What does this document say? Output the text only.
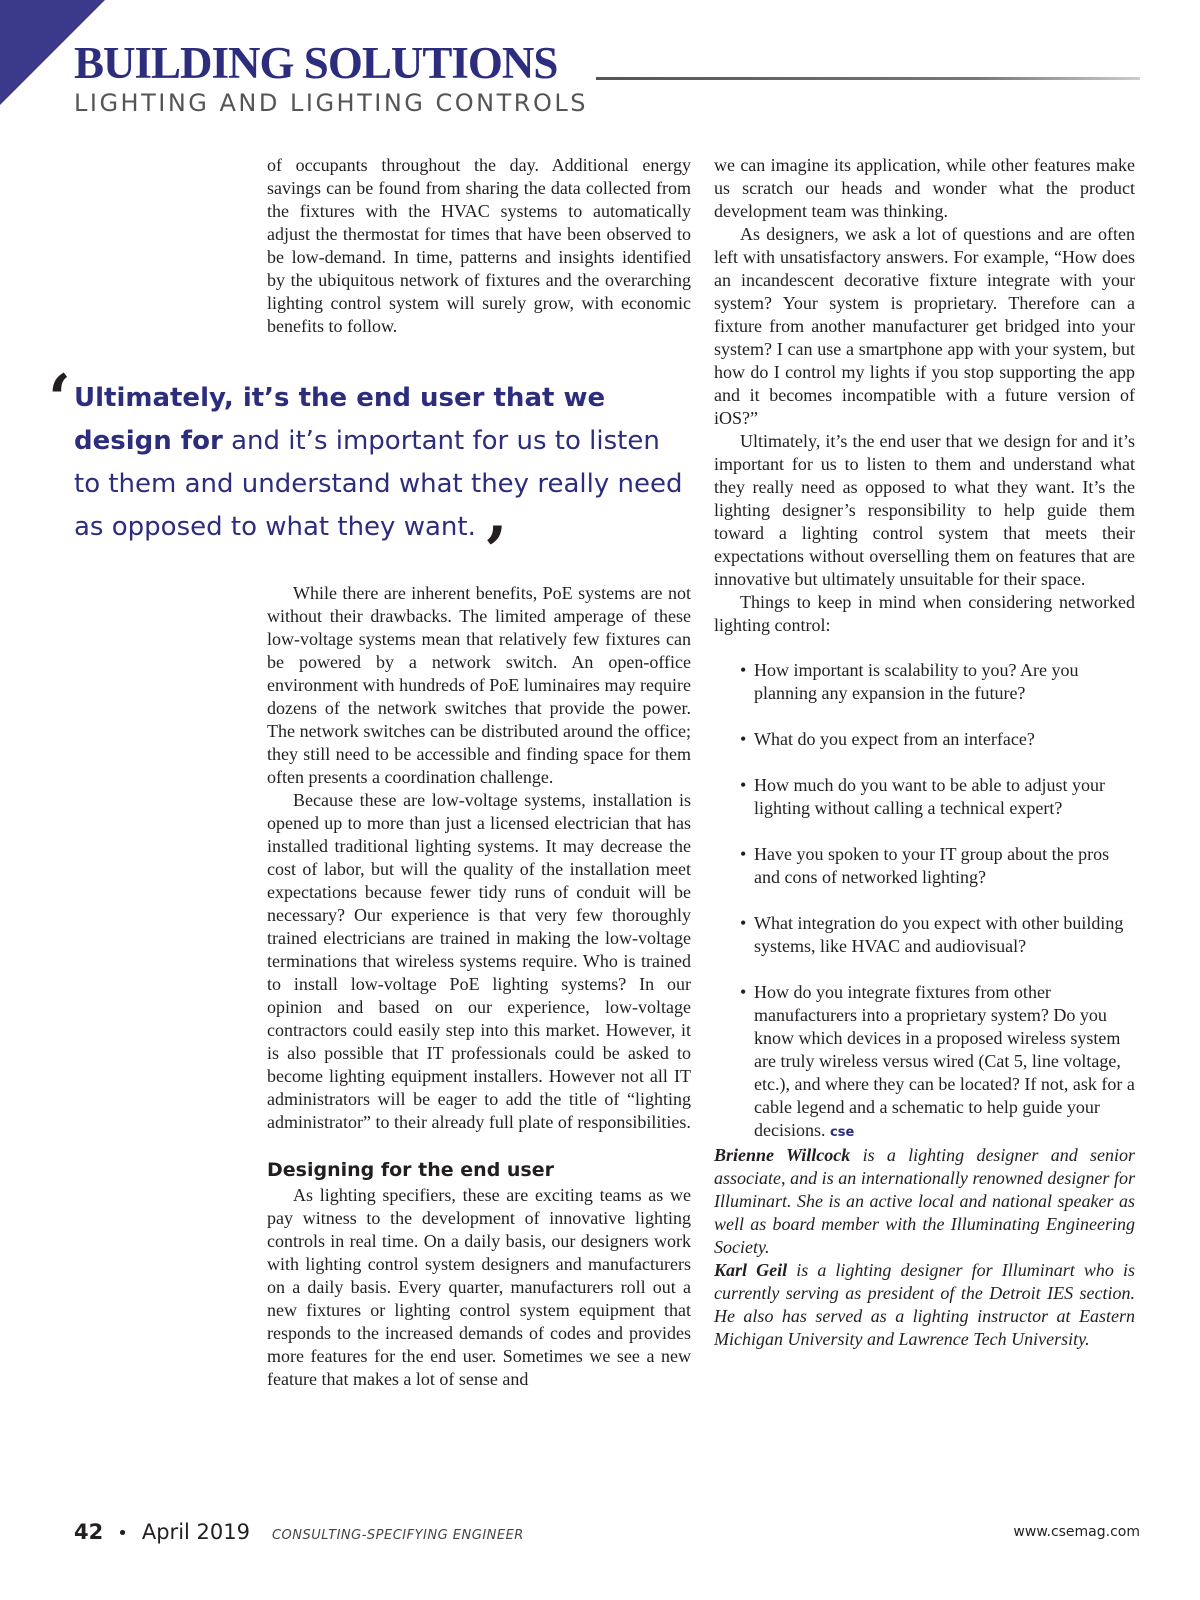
BUILDING SOLUTIONS
LIGHTING AND LIGHTING CONTROLS

of occupants throughout the day. Additional energy savings can be found from sharing the data collected from the fixtures with the HVAC systems to automatically adjust the thermostat for times that have been observed to be low-demand. In time, patterns and insights identified by the ubiquitous network of fixtures and the overarching lighting control system will surely grow, with economic benefits to follow.

‘ Ultimately, it’s the end user that we design for and it’s important for us to listen to them and understand what they really need as opposed to what they want. ’

While there are inherent benefits, PoE systems are not without their drawbacks. The limited amperage of these low-voltage systems mean that relatively few fixtures can be powered by a network switch. An open-office environment with hundreds of PoE luminaires may require dozens of the network switches that provide the power. The network switches can be distributed around the office; they still need to be accessible and finding space for them often presents a coordination challenge.

Because these are low-voltage systems, installation is opened up to more than just a licensed electrician that has installed traditional lighting systems. It may decrease the cost of labor, but will the quality of the installation meet expectations because fewer tidy runs of conduit will be necessary? Our experience is that very few thoroughly trained electricians are trained in making the low-voltage terminations that wireless systems require. Who is trained to install low-voltage PoE lighting systems? In our opinion and based on our experience, low-voltage contractors could easily step into this market. However, it is also possible that IT professionals could be asked to become lighting equipment installers. However not all IT administrators will be eager to add the title of “lighting administrator” to their already full plate of responsibilities.

Designing for the end user

As lighting specifiers, these are exciting teams as we pay witness to the development of innovative lighting controls in real time. On a daily basis, our designers work with lighting control system designers and manufacturers on a daily basis. Every quarter, manufacturers roll out a new fixtures or lighting control system equipment that responds to the increased demands of codes and provides more features for the end user. Sometimes we see a new feature that makes a lot of sense and

we can imagine its application, while other features make us scratch our heads and wonder what the product development team was thinking.

As designers, we ask a lot of questions and are often left with unsatisfactory answers. For example, “How does an incandescent decorative fixture integrate with your system? Your system is proprietary. Therefore can a fixture from another manufacturer get bridged into your system? I can use a smartphone app with your system, but how do I control my lights if you stop supporting the app and it becomes incompatible with a future version of iOS?”

Ultimately, it’s the end user that we design for and it’s important for us to listen to them and understand what they really need as opposed to what they want. It’s the lighting designer’s responsibility to help guide them toward a lighting control system that meets their expectations without overselling them on features that are innovative but ultimately unsuitable for their space.

Things to keep in mind when considering networked lighting control:

• How important is scalability to you? Are you planning any expansion in the future?
• What do you expect from an interface?
• How much do you want to be able to adjust your lighting without calling a technical expert?
• Have you spoken to your IT group about the pros and cons of networked lighting?
• What integration do you expect with other building systems, like HVAC and audiovisual?
• How do you integrate fixtures from other manufacturers into a proprietary system? Do you know which devices in a proposed wireless system are truly wireless versus wired (Cat 5, line voltage, etc.), and where they can be located? If not, ask for a cable legend and a schematic to help guide your decisions. cse

Brienne Willcock is a lighting designer and senior associate, and is an internationally renowned designer for Illuminart. She is an active local and national speaker as well as board member with the Illuminating Engineering Society.

Karl Geil is a lighting designer for Illuminart who is currently serving as president of the Detroit IES section. He also has served as a lighting instructor at Eastern Michigan University and Lawrence Tech University.

42 • April 2019 CONSULTING-SPECIFYING ENGINEER	www.csemag.com
